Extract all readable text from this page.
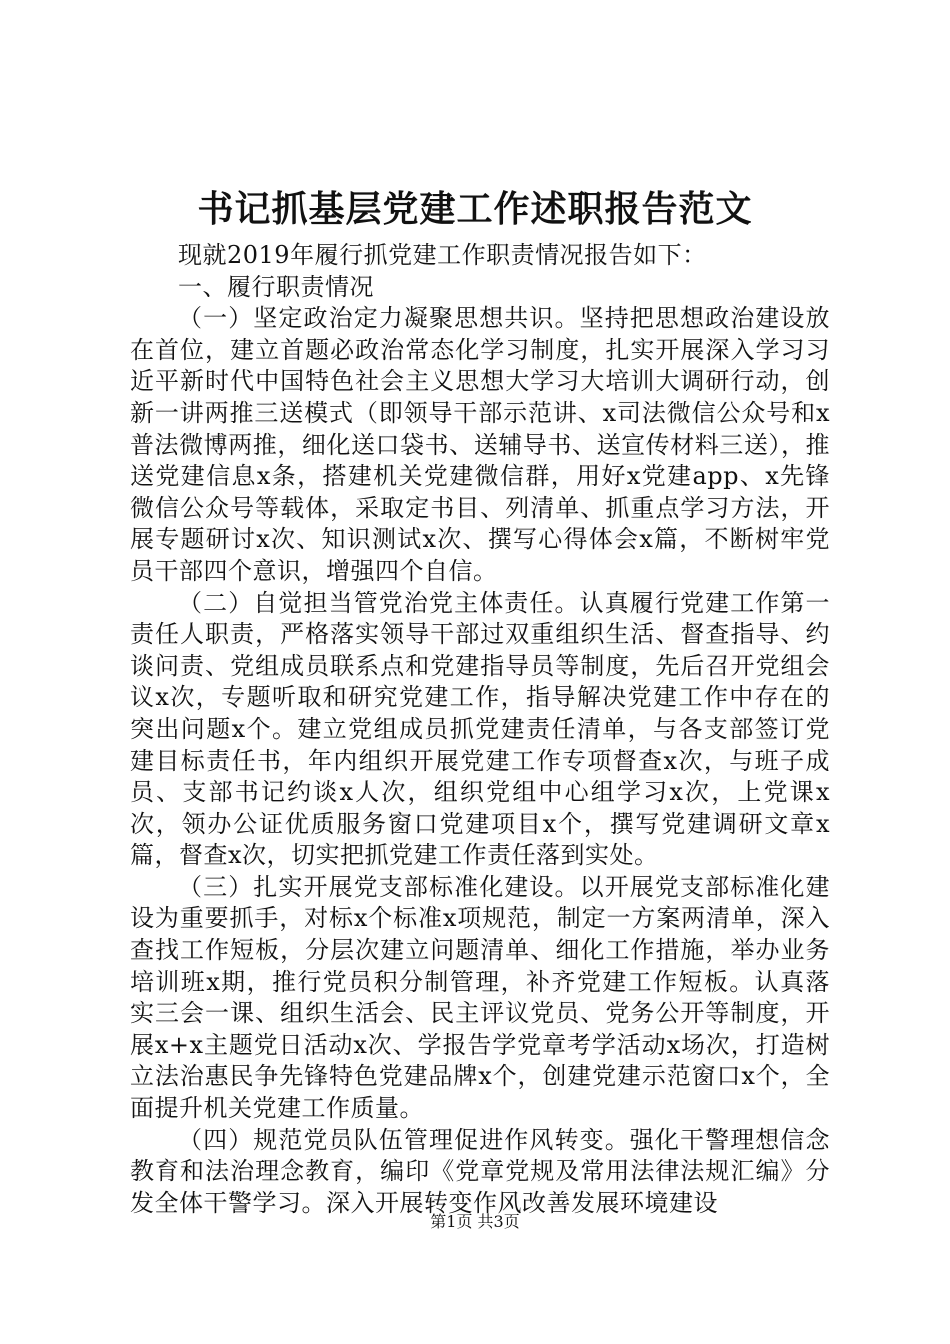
书记抓基层党建工作述职报告范文

现就2019年履行抓党建工作职责情况报告如下：

一、履行职责情况

（一）坚定政治定力凝聚思想共识。坚持把思想政治建设放在首位，建立首题必政治常态化学习制度，扎实开展深入学习习近平新时代中国特色社会主义思想大学习大培训大调研行动，创新一讲两推三送模式（即领导干部示范讲、x司法微信公众号和x普法微博两推，细化送口袋书、送辅导书、送宣传材料三送），推送党建信息x条，搭建机关党建微信群，用好x党建app、x先锋微信公众号等载体，采取定书目、列清单、抓重点学习方法，开展专题研讨x次、知识测试x次、撰写心得体会x篇，不断树牢党员干部四个意识，增强四个自信。

（二）自觉担当管党治党主体责任。认真履行党建工作第一责任人职责，严格落实领导干部过双重组织生活、督查指导、约谈问责、党组成员联系点和党建指导员等制度，先后召开党组会议x次，专题听取和研究党建工作，指导解决党建工作中存在的突出问题x个。建立党组成员抓党建责任清单，与各支部签订党建目标责任书，年内组织开展党建工作专项督查x次，与班子成员、支部书记约谈x人次，组织党组中心组学习x次，上党课x次，领办公证优质服务窗口党建项目x个，撰写党建调研文章x篇，督查x次，切实把抓党建工作责任落到实处。

（三）扎实开展党支部标准化建设。以开展党支部标准化建设为重要抓手，对标x个标准x项规范，制定一方案两清单，深入查找工作短板，分层次建立问题清单、细化工作措施，举办业务培训班x期，推行党员积分制管理，补齐党建工作短板。认真落实三会一课、组织生活会、民主评议党员、党务公开等制度，开展x+x主题党日活动x次、学报告学党章考学活动x场次，打造树立法治惠民争先锋特色党建品牌x个，创建党建示范窗口x个，全面提升机关党建工作质量。

（四）规范党员队伍管理促进作风转变。强化干警理想信念教育和法治理念教育，编印《党章党规及常用法律法规汇编》分发全体干警学习。深入开展转变作风改善发展环境建设

第1页 共3页
